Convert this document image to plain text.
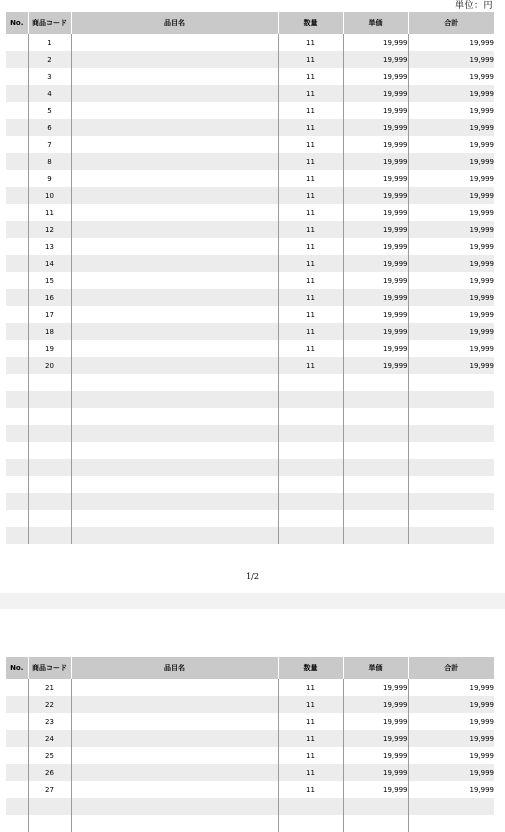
単位：円
No.	商品コード	品目名	数量	単価	合計
	1		11	19,999	19,999
	2		11	19,999	19,999
	3		11	19,999	19,999
	4		11	19,999	19,999
	5		11	19,999	19,999
	6		11	19,999	19,999
	7		11	19,999	19,999
	8		11	19,999	19,999
	9		11	19,999	19,999
	10		11	19,999	19,999
	11		11	19,999	19,999
	12		11	19,999	19,999
	13		11	19,999	19,999
	14		11	19,999	19,999
	15		11	19,999	19,999
	16		11	19,999	19,999
	17		11	19,999	19,999
	18		11	19,999	19,999
	19		11	19,999	19,999
	20		11	19,999	19,999

1/2
No.	商品コード	品目名	数量	単価	合計
	21		11	19,999	19,999
	22		11	19,999	19,999
	23		11	19,999	19,999
	24		11	19,999	19,999
	25		11	19,999	19,999
	26		11	19,999	19,999
	27		11	19,999	19,999
